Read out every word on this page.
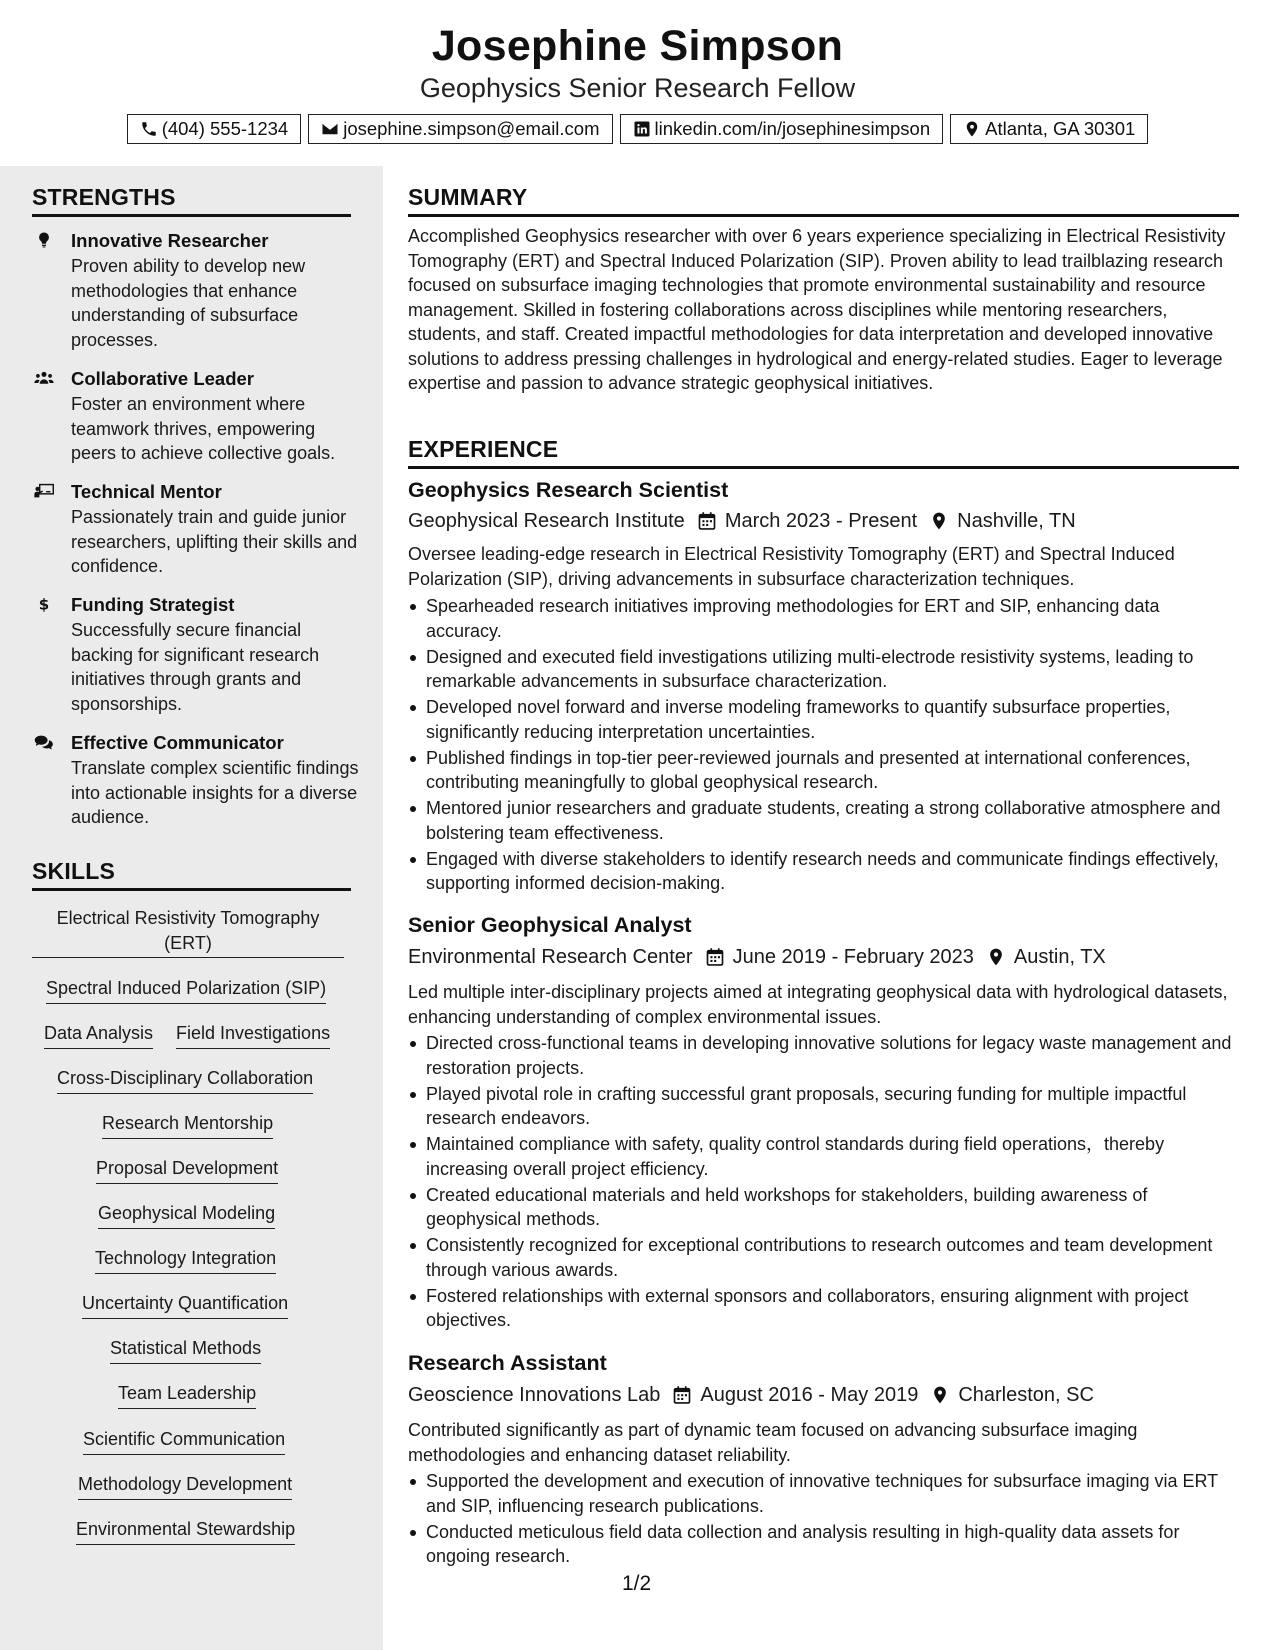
Josephine Simpson
Geophysics Senior Research Fellow
(404) 555-1234	josephine.simpson@email.com	linkedin.com/in/josephinesimpson	Atlanta, GA 30301
STRENGTHS
Innovative Researcher
Proven ability to develop new methodologies that enhance understanding of subsurface processes.
Collaborative Leader
Foster an environment where teamwork thrives, empowering peers to achieve collective goals.
Technical Mentor
Passionately train and guide junior researchers, uplifting their skills and confidence.
$ Funding Strategist
Successfully secure financial backing for significant research initiatives through grants and sponsorships.
Effective Communicator
Translate complex scientific findings into actionable insights for a diverse audience.
SKILLS
Electrical Resistivity Tomography (ERT)
Spectral Induced Polarization (SIP)
Data Analysis Field Investigations
Cross-Disciplinary Collaboration
Research Mentorship
Proposal Development
Geophysical Modeling
Technology Integration
Uncertainty Quantification
Statistical Methods
Team Leadership
Scientific Communication
Methodology Development
Environmental Stewardship
SUMMARY
Accomplished Geophysics researcher with over 6 years experience specializing in Electrical Resistivity Tomography (ERT) and Spectral Induced Polarization (SIP). Proven ability to lead trailblazing research focused on subsurface imaging technologies that promote environmental sustainability and resource management. Skilled in fostering collaborations across disciplines while mentoring researchers, students, and staff. Created impactful methodologies for data interpretation and developed innovative solutions to address pressing challenges in hydrological and energy-related studies. Eager to leverage expertise and passion to advance strategic geophysical initiatives.
EXPERIENCE
Geophysics Research Scientist
Geophysical Research Institute March 2023 - Present Nashville, TN
Oversee leading-edge research in Electrical Resistivity Tomography (ERT) and Spectral Induced Polarization (SIP), driving advancements in subsurface characterization techniques.
Spearheaded research initiatives improving methodologies for ERT and SIP, enhancing data accuracy.
Designed and executed field investigations utilizing multi-electrode resistivity systems, leading to remarkable advancements in subsurface characterization.
Developed novel forward and inverse modeling frameworks to quantify subsurface properties, significantly reducing interpretation uncertainties.
Published findings in top-tier peer-reviewed journals and presented at international conferences, contributing meaningfully to global geophysical research.
Mentored junior researchers and graduate students, creating a strong collaborative atmosphere and bolstering team effectiveness.
Engaged with diverse stakeholders to identify research needs and communicate findings effectively, supporting informed decision-making.
Senior Geophysical Analyst
Environmental Research Center June 2019 - February 2023 Austin, TX
Led multiple inter-disciplinary projects aimed at integrating geophysical data with hydrological datasets, enhancing understanding of complex environmental issues.
Directed cross-functional teams in developing innovative solutions for legacy waste management and restoration projects.
Played pivotal role in crafting successful grant proposals, securing funding for multiple impactful research endeavors.
Maintained compliance with safety, quality control standards during field operations，thereby increasing overall project efficiency.
Created educational materials and held workshops for stakeholders, building awareness of geophysical methods.
Consistently recognized for exceptional contributions to research outcomes and team development through various awards.
Fostered relationships with external sponsors and collaborators, ensuring alignment with project objectives.
Research Assistant
Geoscience Innovations Lab August 2016 - May 2019 Charleston, SC
Contributed significantly as part of dynamic team focused on advancing subsurface imaging methodologies and enhancing dataset reliability.
Supported the development and execution of innovative techniques for subsurface imaging via ERT and SIP, influencing research publications.
Conducted meticulous field data collection and analysis resulting in high-quality data assets for ongoing research.
1/2
